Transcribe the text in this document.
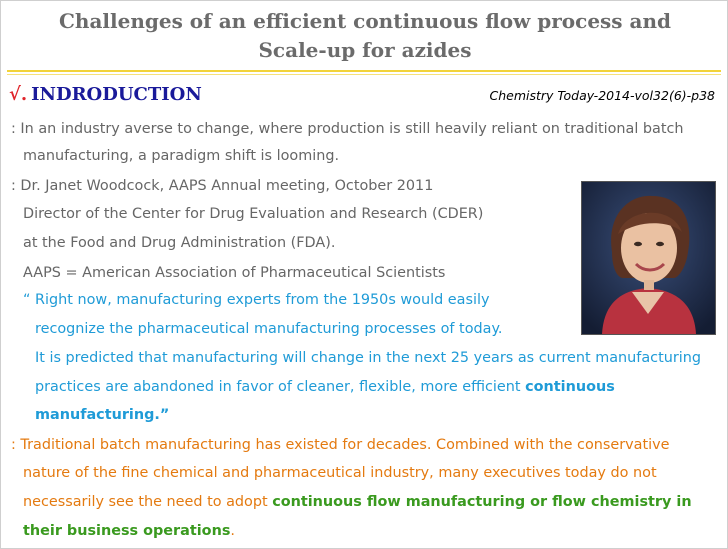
Challenges of an efficient continuous flow process and
Scale-up for azides
√. INDRODUCTION	Chemistry Today-2014-vol32(6)-p38
: In an industry averse to change, where production is still heavily reliant on traditional batch
manufacturing, a paradigm shift is looming.
: Dr. Janet Woodcock, AAPS Annual meeting, October 2011
Director of the Center for Drug Evaluation and Research (CDER)
at the Food and Drug Administration (FDA).
AAPS = American Association of Pharmaceutical Scientists
“ Right now, manufacturing experts from the 1950s would easily
recognize the pharmaceutical manufacturing processes of today.
It is predicted that manufacturing will change in the next 25 years as current manufacturing
practices are abandoned in favor of cleaner, flexible, more efficient continuous
manufacturing.”
: Traditional batch manufacturing has existed for decades. Combined with the conservative
nature of the fine chemical and pharmaceutical industry, many executives today do not
necessarily see the need to adopt continuous flow manufacturing or flow chemistry in
their business operations.
